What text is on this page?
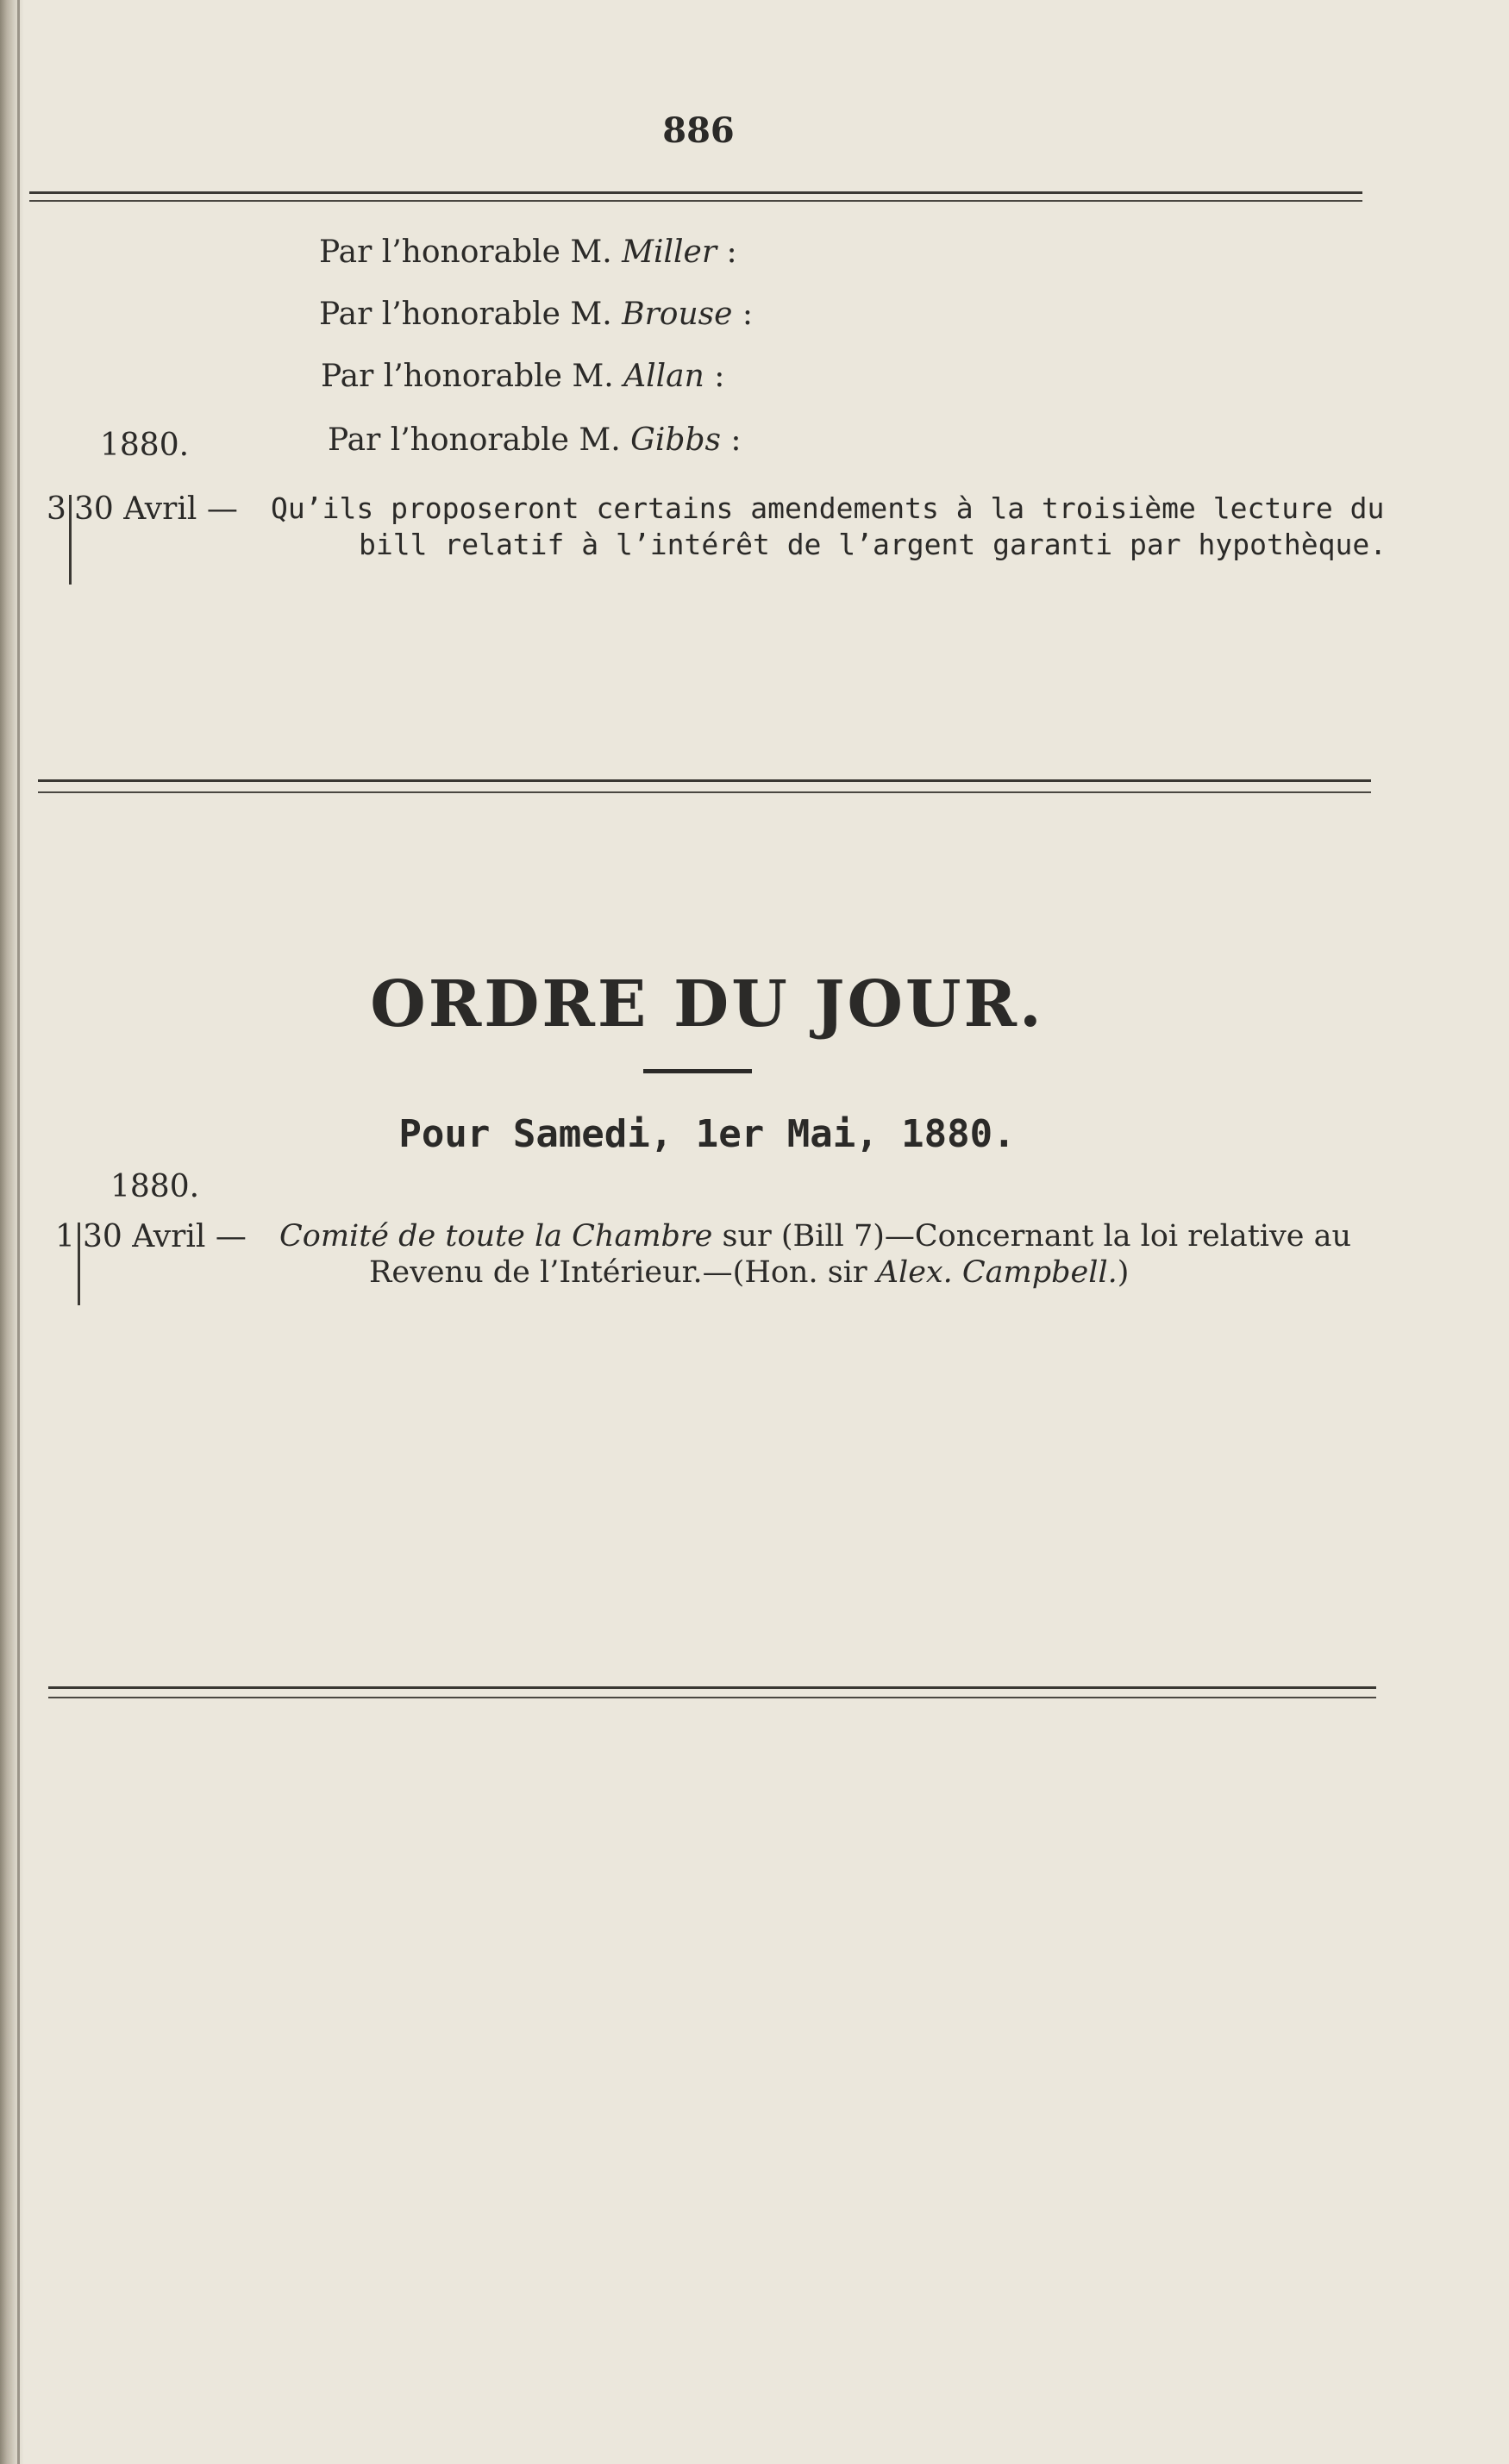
886
Par l’honorable M. Miller :
Par l’honorable M. Brouse :
Par l’honorable M. Allan :
1880.	Par l’honorable M. Gibbs :
3 30 Avril — Qu’ils proposeront certains amendements à la troisième lecture du
bill relatif à l’intérêt de l’argent garanti par hypothèque.
ORDRE DU JOUR.
Pour Samedi, 1er Mai, 1880.
1880.
1 30 Avril — Comité de toute la Chambre sur (Bill 7)—Concernant la loi relative au
Revenu de l’Intérieur.—(Hon. sir Alex. Campbell.)
